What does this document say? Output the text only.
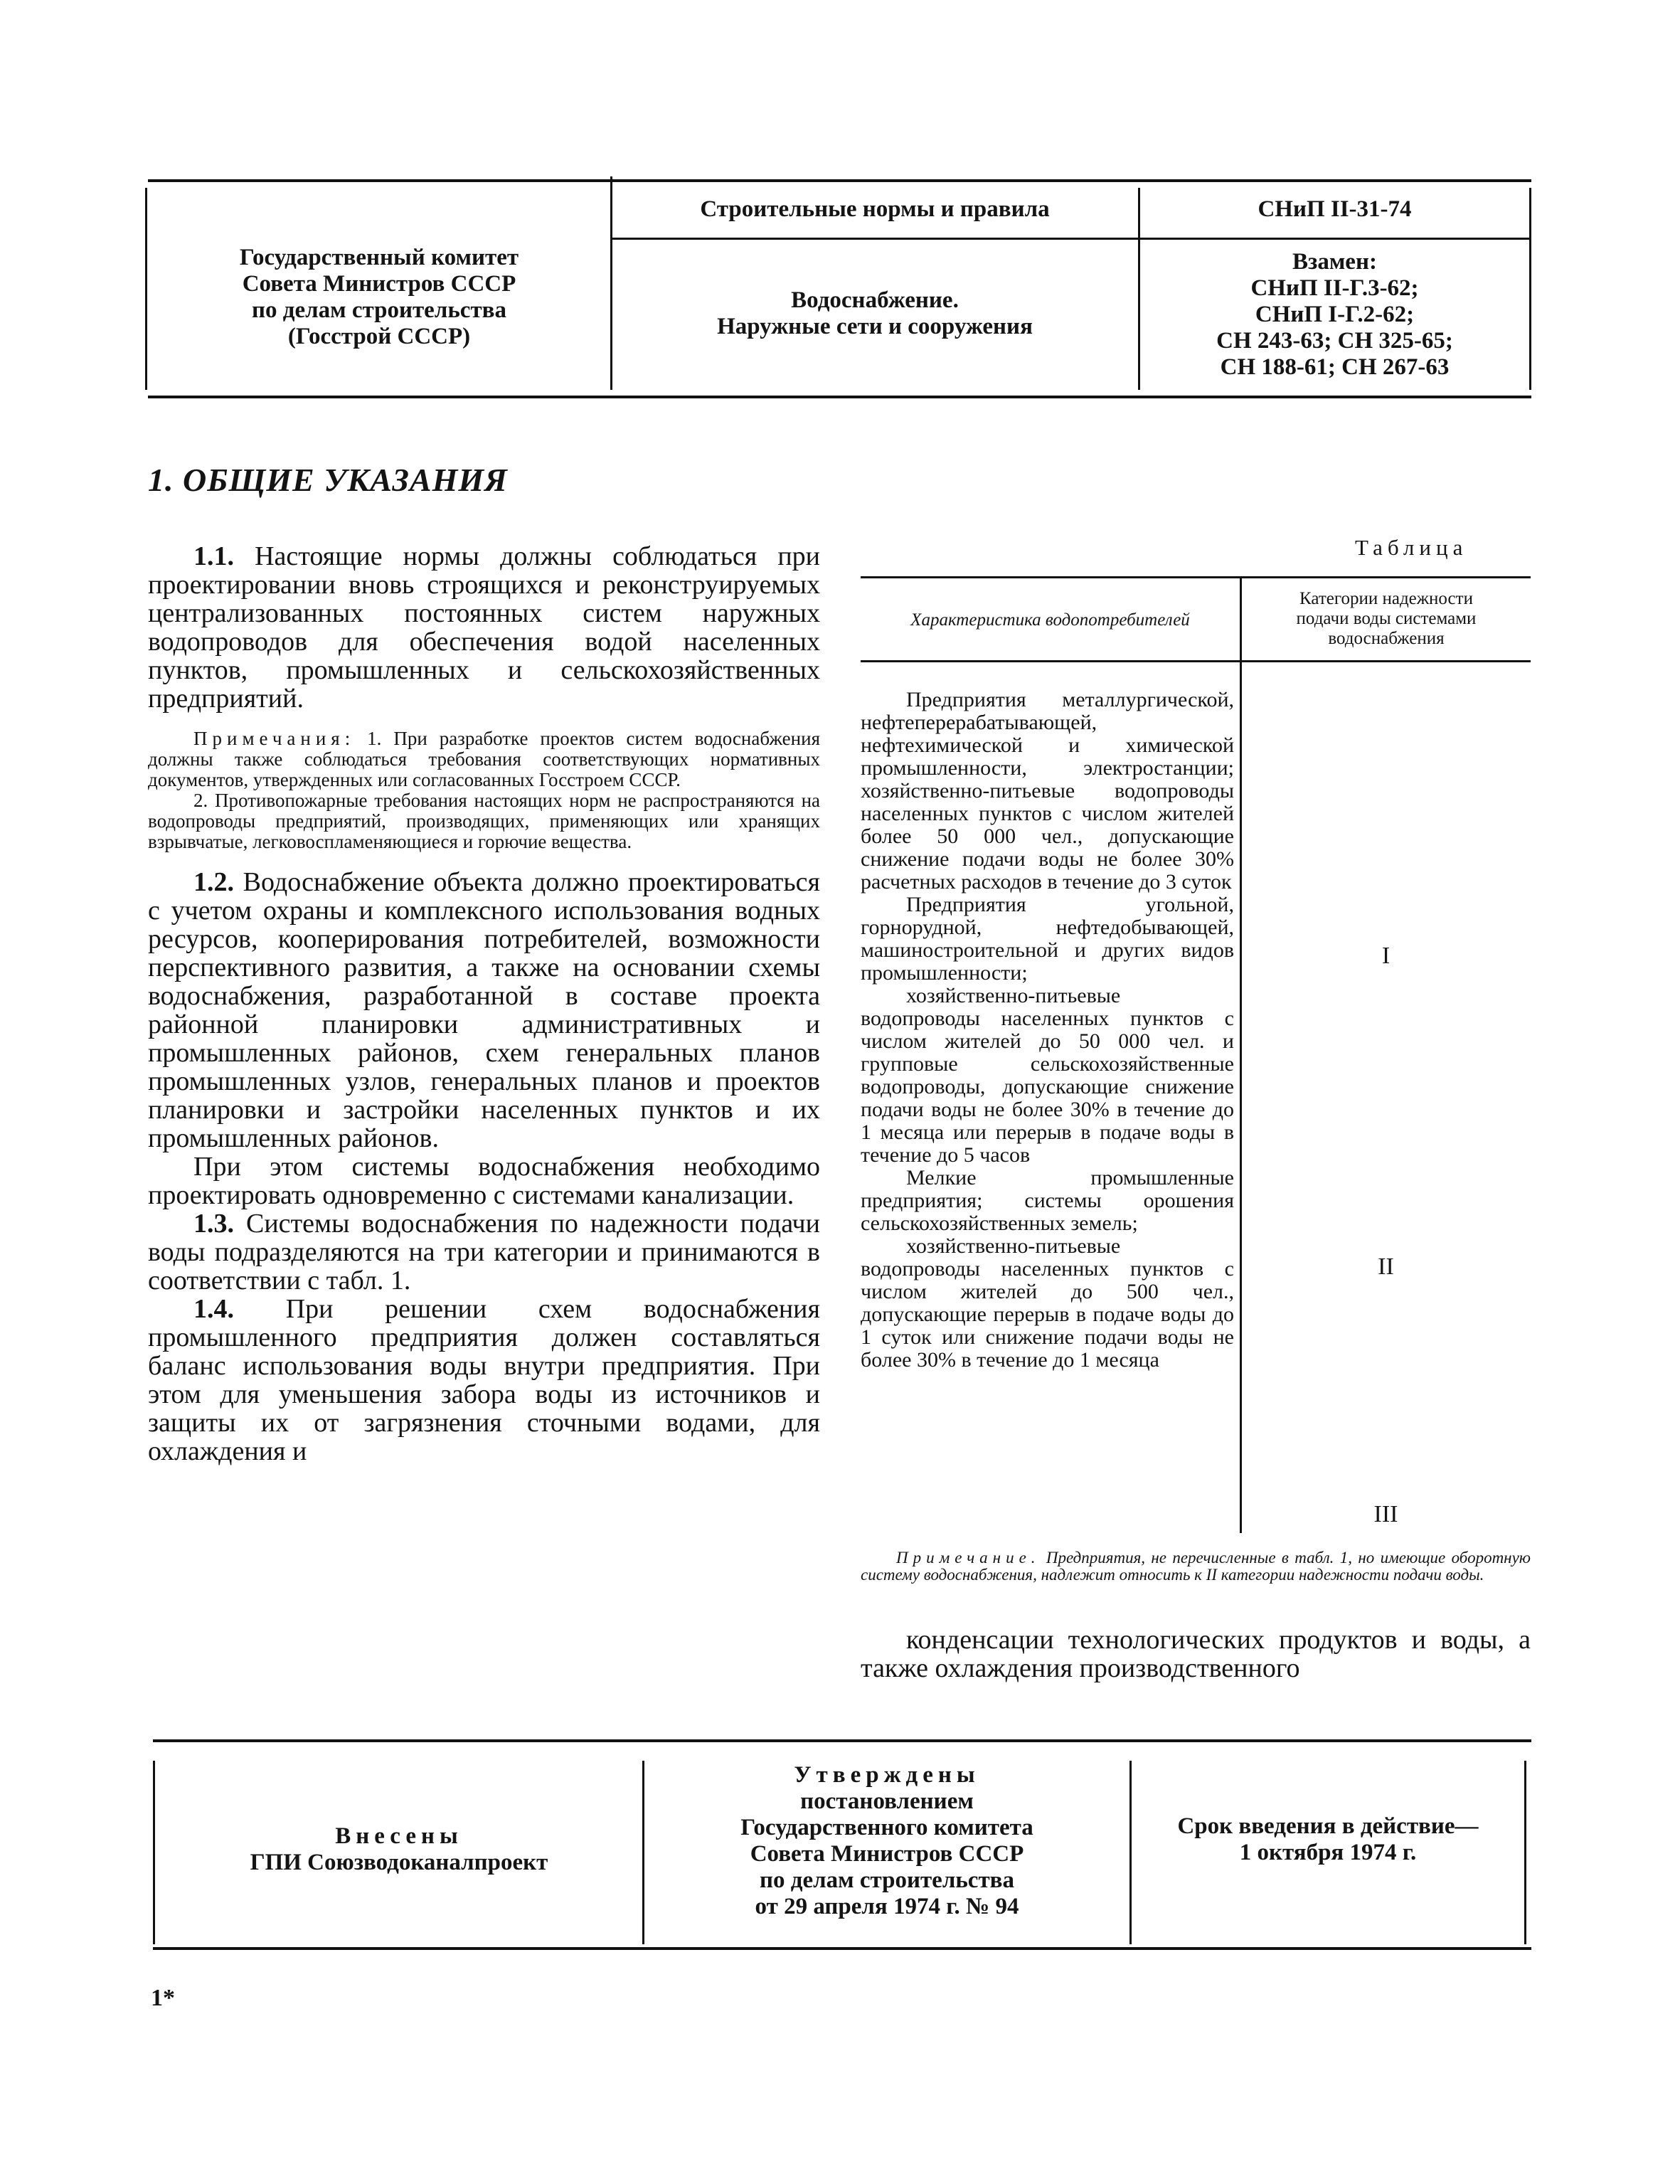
Государственный комитет
Совета Министров СССР
по делам строительства
(Госстрой СССР)
Строительные нормы и правила	СНиП II-31-74
Водоснабжение.
Наружные сети и сооружения
Взамен:
СНиП II-Г.3-62;
СНиП I-Г.2-62;
СН 243-63; СН 325-65;
СН 188-61; СН 267-63
1. ОБЩИЕ УКАЗАНИЯ

1.1. Настоящие нормы должны соблюдаться при проектировании вновь строящихся и реконструируемых централизованных постоянных систем наружных водопроводов для обеспечения водой населенных пунктов, промышленных и сельскохозяйственных предприятий.

Примечания: 1. При разработке проектов систем водоснабжения должны также соблюдаться требования соответствующих нормативных документов, утвержденных или согласованных Госстроем СССР.

2. Противопожарные требования настоящих норм не распространяются на водопроводы предприятий, производящих, применяющих или хранящих взрывчатые, легковоспламеняющиеся и горючие вещества.

1.2. Водоснабжение объекта должно проектироваться с учетом охраны и комплексного использования водных ресурсов, кооперирования потребителей, возможности перспективного развития, а также на основании схемы водоснабжения, разработанной в составе проекта районной планировки административных и промышленных районов, схем генеральных планов промышленных узлов, генеральных планов и проектов планировки и застройки населенных пунктов и их промышленных районов.

При этом системы водоснабжения необходимо проектировать одновременно с системами канализации.

1.3. Системы водоснабжения по надежности подачи воды подразделяются на три категории и принимаются в соответствии с табл. 1.

1.4. При решении схем водоснабжения промышленного предприятия должен составляться баланс использования воды внутри предприятия. При этом для уменьшения забора воды из источников и защиты их от загрязнения сточными водами, для охлаждения и

Таблица
Характеристика водопотребителей
Категории надежности
подачи воды системами
водоснабжения

Предприятия металлургической, нефтеперерабатывающей, нефтехимической и химической промышленности, электростанции; хозяйственно-питьевые водопроводы населенных пунктов с числом жителей более 50 000 чел., допускающие снижение подачи воды не более 30% расчетных расходов в течение до 3 суток

Предприятия угольной, горнорудной, нефтедобывающей, машиностроительной и других видов промышленности;

хозяйственно-питьевые водопроводы населенных пунктов с числом жителей до 50 000 чел. и групповые сельскохозяйственные водопроводы, допускающие снижение подачи воды не более 30% в течение до 1 месяца или перерыв в подаче воды в течение до 5 часов

Мелкие промышленные предприятия; системы орошения сельскохозяйственных земель;

хозяйственно-питьевые водопроводы населенных пунктов с числом жителей до 500 чел., допускающие перерыв в подаче воды до 1 суток или снижение подачи воды не более 30% в течение до 1 месяца

I
II
III

Примечание. Предприятия, не перечисленные в табл. 1, но имеющие оборотную систему водоснабжения, надлежит относить к II категории надежности подачи воды.

конденсации технологических продуктов и воды, а также охлаждения производственного

Внесены
ГПИ Союзводоканалпроект
Утверждены
постановлением
Государственного комитета
Совета Министров СССР
по делам строительства
от 29 апреля 1974 г. № 94
Срок введения в действие—
1 октября 1974 г.
1*
